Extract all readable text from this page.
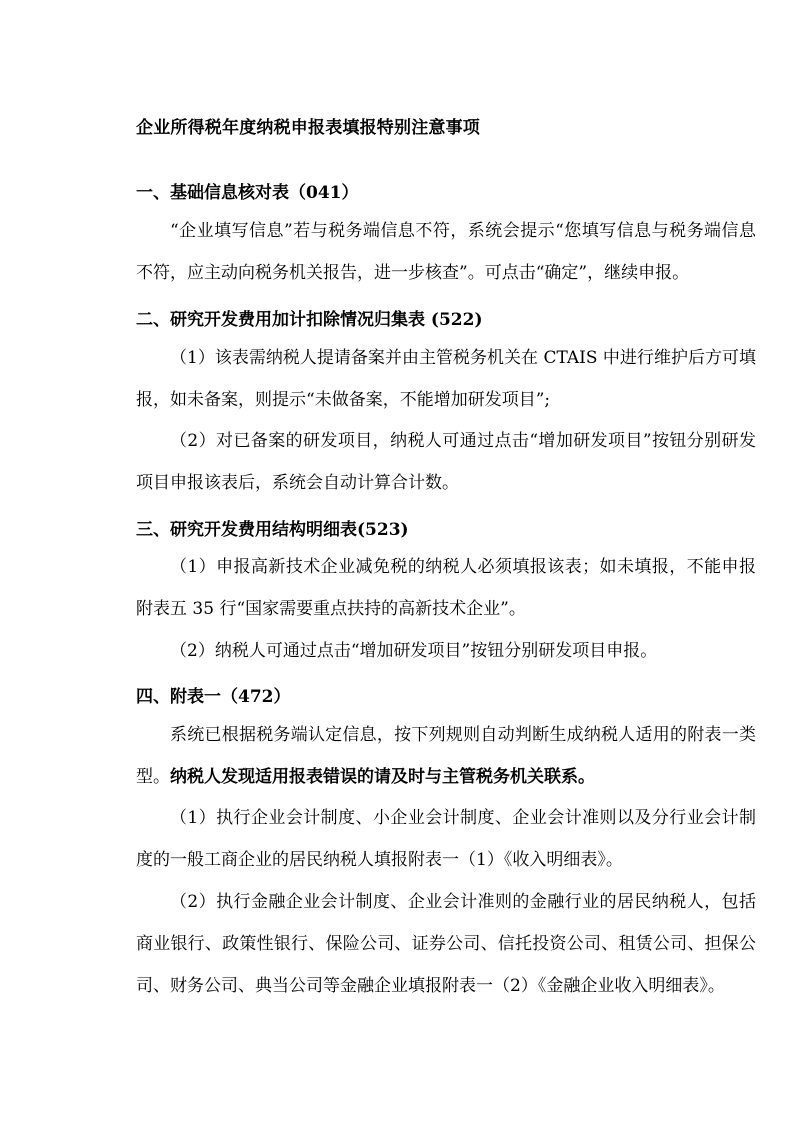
企业所得税年度纳税申报表填报特别注意事项
一、基础信息核对表（041）
“企业填写信息”若与税务端信息不符，系统会提示“您填写信息与税务端信息不符，应主动向税务机关报告，进一步核查”。可点击“确定”，继续申报。
二、研究开发费用加计扣除情况归集表 (522)
（1）该表需纳税人提请备案并由主管税务机关在 CTAIS 中进行维护后方可填报，如未备案，则提示“未做备案，不能增加研发项目”;
（2）对已备案的研发项目，纳税人可通过点击“增加研发项目”按钮分别研发项目申报该表后，系统会自动计算合计数。
三、研究开发费用结构明细表(523)
（1）申报高新技术企业减免税的纳税人必须填报该表；如未填报，不能申报附表五 35 行“国家需要重点扶持的高新技术企业”。
（2）纳税人可通过点击“增加研发项目”按钮分别研发项目申报。
四、附表一（472）
系统已根据税务端认定信息，按下列规则自动判断生成纳税人适用的附表一类型。纳税人发现适用报表错误的请及时与主管税务机关联系。
（1）执行企业会计制度、小企业会计制度、企业会计准则以及分行业会计制度的一般工商企业的居民纳税人填报附表一（1）《收入明细表》。
（2）执行金融企业会计制度、企业会计准则的金融行业的居民纳税人，包括商业银行、政策性银行、保险公司、证券公司、信托投资公司、租赁公司、担保公司、财务公司、典当公司等金融企业填报附表一（2）《金融企业收入明细表》。
